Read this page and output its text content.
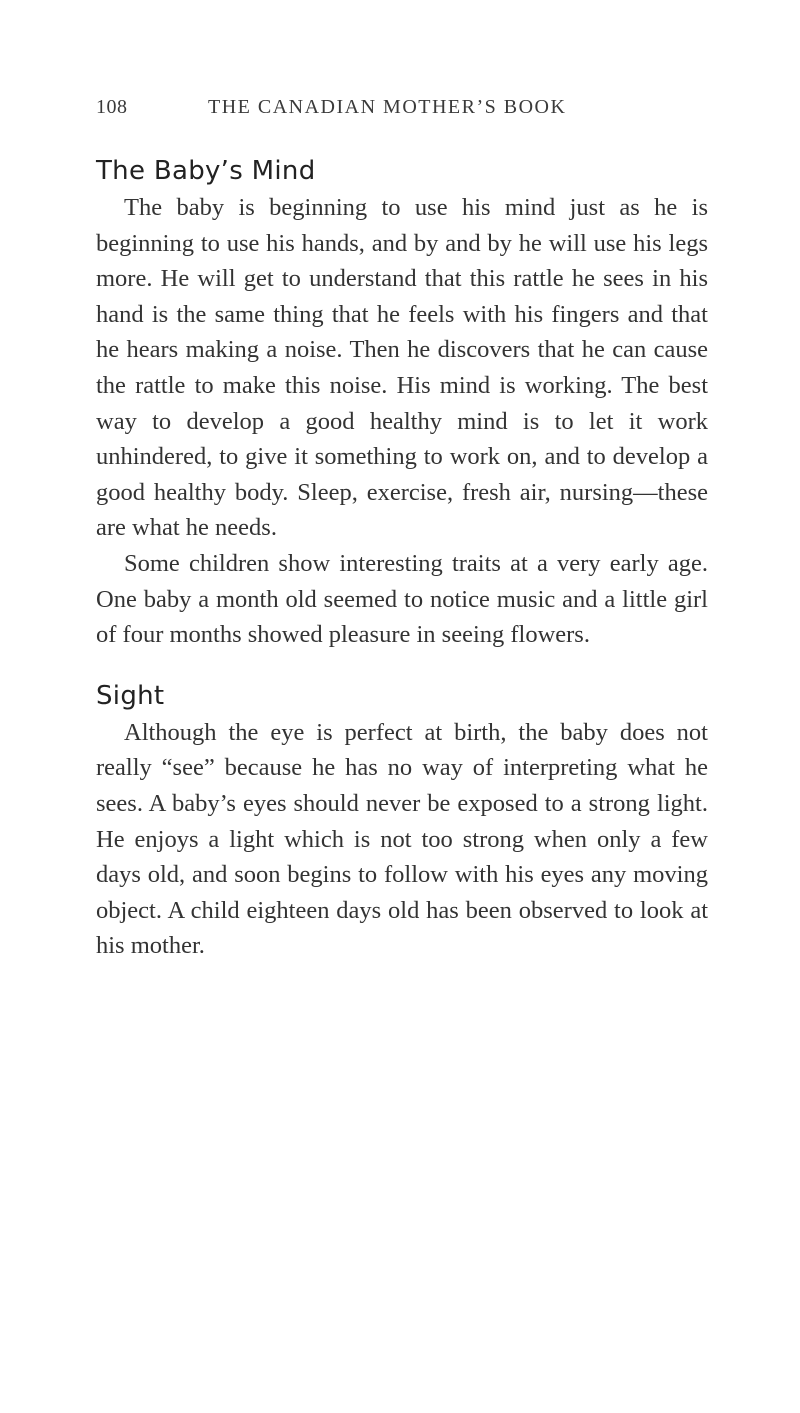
108	THE CANADIAN MOTHER’S BOOK
The Baby’s Mind

The baby is beginning to use his mind just as he is beginning to use his hands, and by and by he will use his legs more. He will get to understand that this rattle he sees in his hand is the same thing that he feels with his fingers and that he hears making a noise. Then he discovers that he can cause the rattle to make this noise. His mind is working. The best way to develop a good healthy mind is to let it work unhindered, to give it something to work on, and to develop a good healthy body. Sleep, exercise, fresh air, nursing—these are what he needs.

Some children show interesting traits at a very early age. One baby a month old seemed to notice music and a little girl of four months showed pleasure in seeing flowers.

Sight

Although the eye is perfect at birth, the baby does not really “see” because he has no way of interpreting what he sees. A baby’s eyes should never be exposed to a strong light. He enjoys a light which is not too strong when only a few days old, and soon begins to follow with his eyes any moving object. A child eighteen days old has been observed to look at his mother.
